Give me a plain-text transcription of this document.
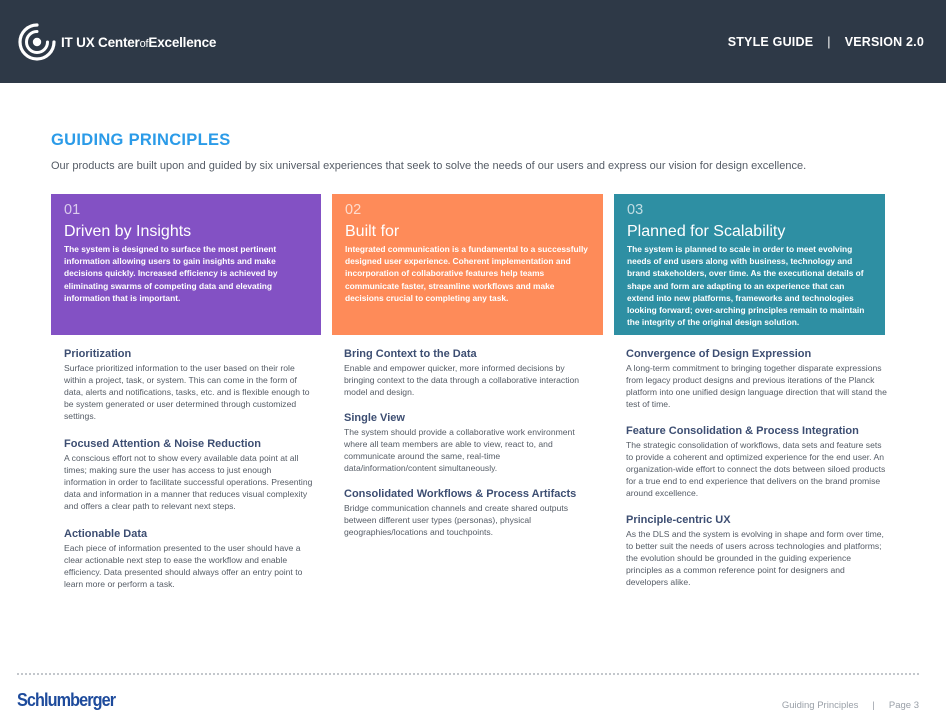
IT UX CenterofExcellence	STYLE GUIDE | VERSION 2.0
GUIDING PRINCIPLES

Our products are built upon and guided by six universal experiences that seek to solve the needs of our users and express our vision for design excellence.

01
Driven by Insights
The system is designed to surface the most pertinent information allowing users to gain insights and make decisions quickly. Increased efficiency is achieved by eliminating swarms of competing data and elevating information that is important.
02
Built for
Integrated communication is a fundamental to a successfully designed user experience. Coherent implementation and incorporation of collaborative features help teams communicate faster, streamline workflows and make decisions crucial to completing any task.
03
Planned for Scalability
The system is planned to scale in order to meet evolving needs of end users along with business, technology and brand stakeholders, over time. As the executional details of shape and form are adapting to an experience that can extend into new platforms, frameworks and technologies looking forward; over-arching principles remain to maintain the integrity of the original design solution.
Prioritization
Surface prioritized information to the user based on their role within a project, task, or system. This can come in the form of data, alerts and notifications, tasks, etc. and is flexible enough to be system generated or user determined through customized settings.
Focused Attention & Noise Reduction
A conscious effort not to show every available data point at all times; making sure the user has access to just enough information in order to facilitate successful operations. Presenting data and information in a manner that reduces visual complexity and offers a clear path to relevant next steps.
Actionable Data
Each piece of information presented to the user should have a clear actionable next step to ease the workflow and enable efficiency. Data presented should always offer an entry point to learn more or perform a task.
Bring Context to the Data
Enable and empower quicker, more informed decisions by bringing context to the data through a collaborative interaction model and design.
Single View
The system should provide a collaborative work environment where all team members are able to view, react to, and communicate around the same, real-time data/information/content simultaneously.
Consolidated Workflows & Process Artifacts
Bridge communication channels and create shared outputs between different user types (personas), physical geographies/locations and touchpoints.
Convergence of Design Expression
A long-term commitment to bringing together disparate expressions from legacy product designs and previous iterations of the Planck platform into one unified design language direction that will stand the test of time.
Feature Consolidation & Process Integration
The strategic consolidation of workflows, data sets and feature sets to provide a coherent and optimized experience for the end user. An organization-wide effort to connect the dots between siloed products for a true end to end experience that delivers on the brand promise around excellence.
Principle-centric UX
As the DLS and the system is evolving in shape and form over time, to better suit the needs of users across technologies and platforms; the evolution should be grounded in the guiding experience principles as a common reference point for designers and developers alike.
Schlumberger	Guiding Principles | Page 3
